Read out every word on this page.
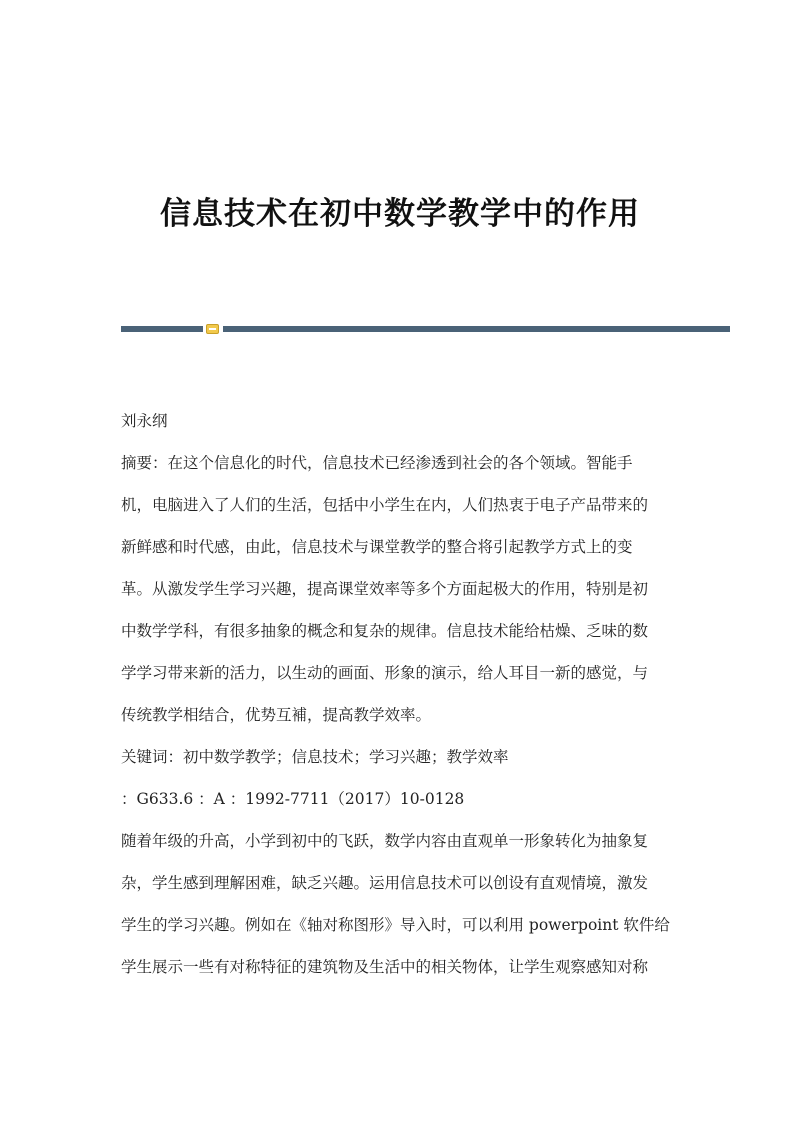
信息技术在初中数学教学中的作用

刘永纲

摘要：在这个信息化的时代，信息技术已经渗透到社会的各个领域。智能手
机，电脑进入了人们的生活，包括中小学生在内，人们热衷于电子产品带来的
新鲜感和时代感，由此，信息技术与课堂教学的整合将引起教学方式上的变
革。从激发学生学习兴趣，提高课堂效率等多个方面起极大的作用，特别是初
中数学学科，有很多抽象的概念和复杂的规律。信息技术能给枯燥、乏味的数
学学习带来新的活力，以生动的画面、形象的演示，给人耳目一新的感觉，与
传统教学相结合，优势互補，提高教学效率。

关键词：初中数学教学；信息技术；学习兴趣；教学效率

：G633.6 ：A ：1992-7711（2017）10-0128

随着年级的升高，小学到初中的飞跃，数学内容由直观单一形象转化为抽象复
杂，学生感到理解困难，缺乏兴趣。运用信息技术可以创设有直观情境，激发
学生的学习兴趣。例如在《轴对称图形》导入时，可以利用 powerpoint 软件给
学生展示一些有对称特征的建筑物及生活中的相关物体，让学生观察感知对称
